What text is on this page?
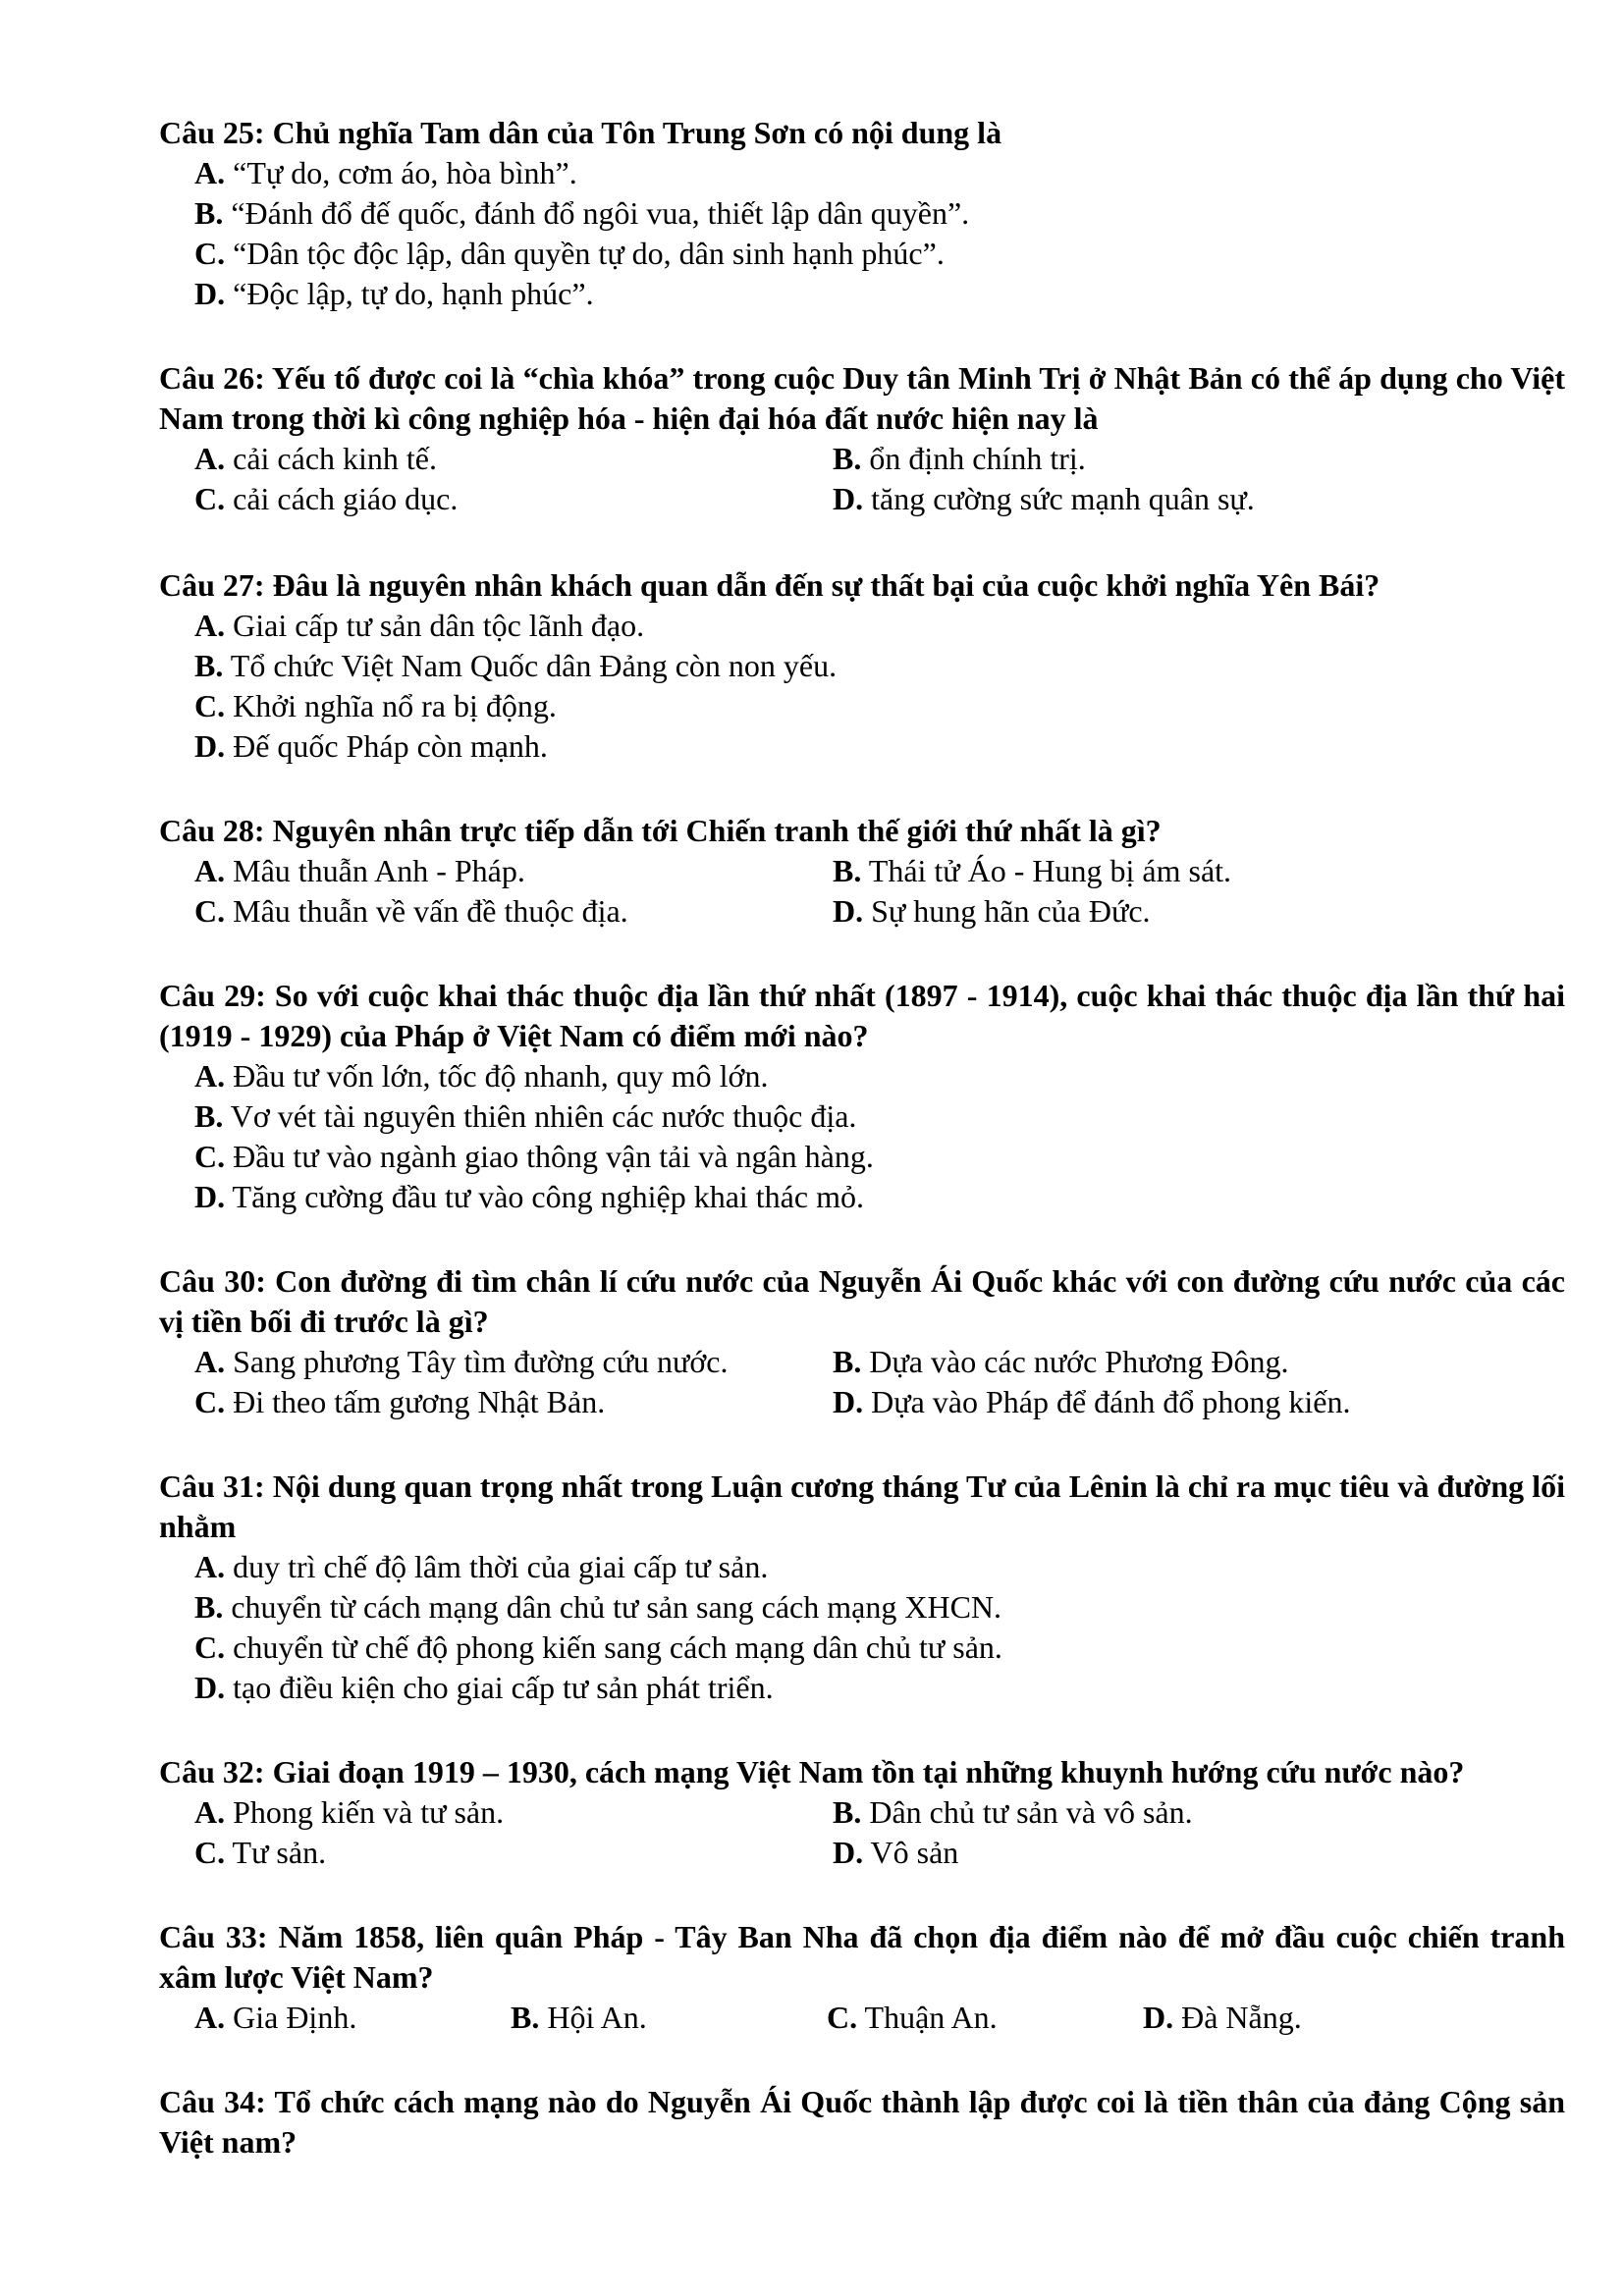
Câu 25: Chủ nghĩa Tam dân của Tôn Trung Sơn có nội dung là
A. “Tự do, cơm áo, hòa bình”.
B. “Đánh đổ đế quốc, đánh đổ ngôi vua, thiết lập dân quyền”.
C. “Dân tộc độc lập, dân quyền tự do, dân sinh hạnh phúc”.
D. “Độc lập, tự do, hạnh phúc”.
Câu 26: Yếu tố được coi là “chìa khóa” trong cuộc Duy tân Minh Trị ở Nhật Bản có thể áp dụng cho Việt Nam trong thời kì công nghiệp hóa - hiện đại hóa đất nước hiện nay là
A. cải cách kinh tế.	B. ổn định chính trị.
C. cải cách giáo dục.	D. tăng cường sức mạnh quân sự.
Câu 27: Đâu là nguyên nhân khách quan dẫn đến sự thất bại của cuộc khởi nghĩa Yên Bái?
A. Giai cấp tư sản dân tộc lãnh đạo.
B. Tổ chức Việt Nam Quốc dân Đảng còn non yếu.
C. Khởi nghĩa nổ ra bị động.
D. Đế quốc Pháp còn mạnh.
Câu 28: Nguyên nhân trực tiếp dẫn tới Chiến tranh thế giới thứ nhất là gì?
A. Mâu thuẫn Anh - Pháp.	B. Thái tử Áo - Hung bị ám sát.
C. Mâu thuẫn về vấn đề thuộc địa.	D. Sự hung hãn của Đức.
Câu 29: So với cuộc khai thác thuộc địa lần thứ nhất (1897 - 1914), cuộc khai thác thuộc địa lần thứ hai (1919 - 1929) của Pháp ở Việt Nam có điểm mới nào?
A. Đầu tư vốn lớn, tốc độ nhanh, quy mô lớn.
B. Vơ vét tài nguyên thiên nhiên các nước thuộc địa.
C. Đầu tư vào ngành giao thông vận tải và ngân hàng.
D. Tăng cường đầu tư vào công nghiệp khai thác mỏ.
Câu 30: Con đường đi tìm chân lí cứu nước của Nguyễn Ái Quốc khác với con đường cứu nước của các vị tiền bối đi trước là gì?
A. Sang phương Tây tìm đường cứu nước.	B. Dựa vào các nước Phương Đông.
C. Đi theo tấm gương Nhật Bản.	D. Dựa vào Pháp để đánh đổ phong kiến.
Câu 31: Nội dung quan trọng nhất trong Luận cương tháng Tư của Lênin là chỉ ra mục tiêu và đường lối nhằm
A. duy trì chế độ lâm thời của giai cấp tư sản.
B. chuyển từ cách mạng dân chủ tư sản sang cách mạng XHCN.
C. chuyển từ chế độ phong kiến sang cách mạng dân chủ tư sản.
D. tạo điều kiện cho giai cấp tư sản phát triển.
Câu 32: Giai đoạn 1919 – 1930, cách mạng Việt Nam tồn tại những khuynh hướng cứu nước nào?
A. Phong kiến và tư sản.	B. Dân chủ tư sản và vô sản.
C. Tư sản.	D. Vô sản
Câu 33: Năm 1858, liên quân Pháp - Tây Ban Nha đã chọn địa điểm nào để mở đầu cuộc chiến tranh xâm lược Việt Nam?
A. Gia Định.	B. Hội An.	C. Thuận An.	D. Đà Nẵng.
Câu 34: Tổ chức cách mạng nào do Nguyễn Ái Quốc thành lập được coi là tiền thân của đảng Cộng sản Việt nam?
